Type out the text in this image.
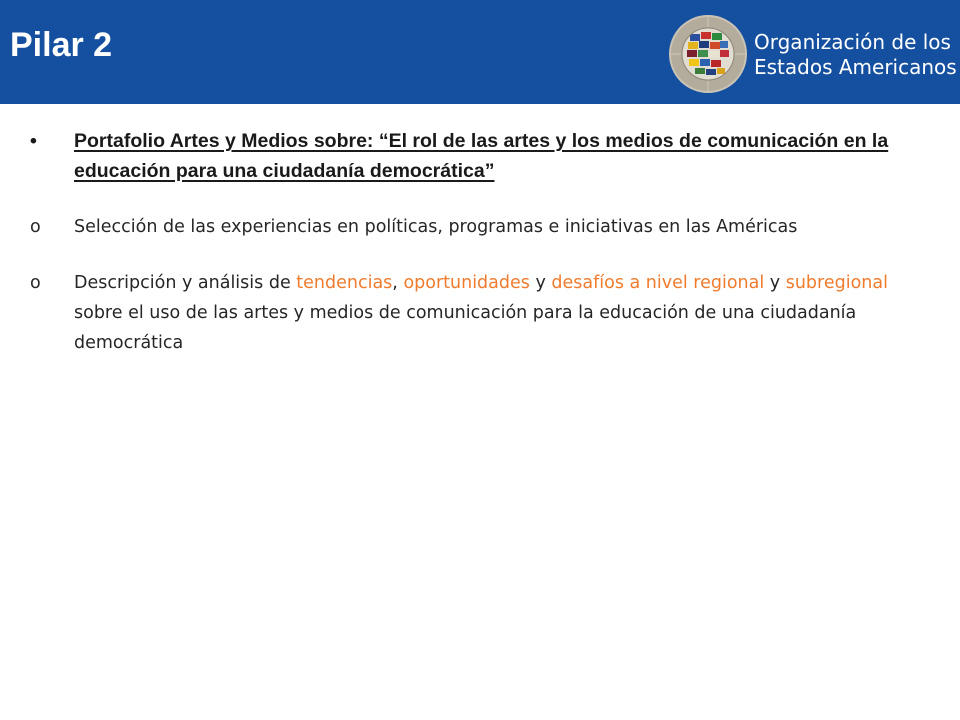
Pilar 2	Organización de los
Estados Americanos
•	Portafolio Artes y Medios sobre: “El rol de las artes y los medios de comunicación en la educación para una ciudadanía democrática”
o	Selección de las experiencias en políticas, programas e iniciativas en las Américas
o	Descripción y análisis de tendencias, oportunidades y desafíos a nivel regional y subregional sobre el uso de las artes y medios de comunicación para la educación de una ciudadanía democrática
